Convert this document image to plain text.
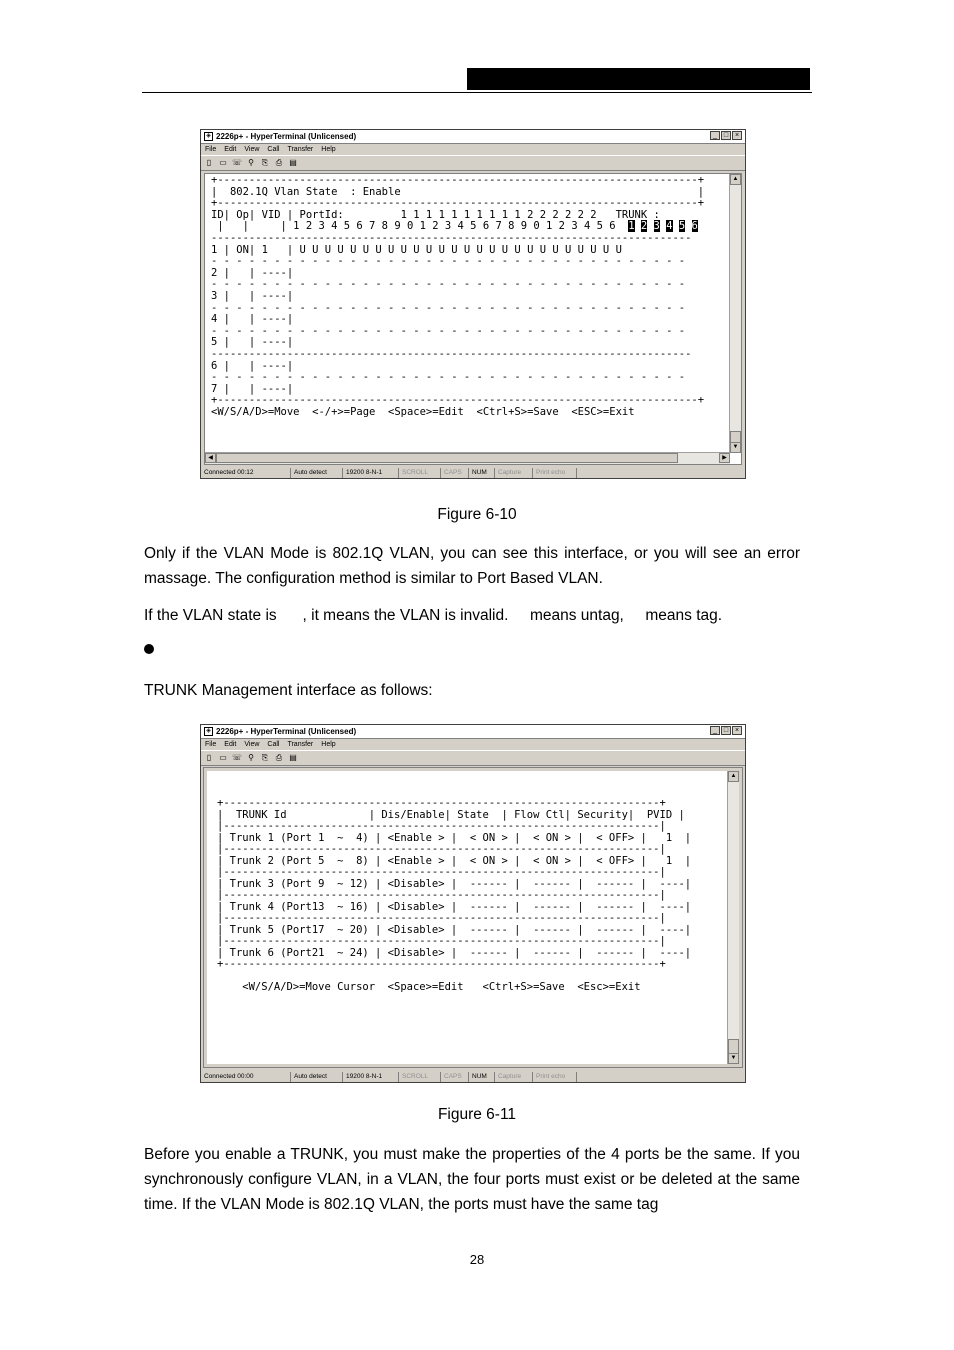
◈ 2226p+ - HyperTerminal (Unlicensed)	_ □ ×
File Edit View Call Transfer Help
▯	▭ ☏ ⚲ ⎘ ⎙ ▤
+----------------------------------------------------------------------------+
|  802.1Q Vlan State  : Enable                                               |
+----------------------------------------------------------------------------+
ID| Op| VID | PortId:         1 1 1 1 1 1 1 1 1 1 2 2 2 2 2 2   TRUNK :
|   |     | 1 2 3 4 5 6 7 8 9 0 1 2 3 4 5 6 7 8 9 0 1 2 3 4 5 6  1 2 3 4 5 6
----------------------------------------------------------------------------
1 | ON| 1   | U U U U U U U U U U U U U U U U U U U U U U U U U U
- - - - - - - - - - - - - - - - - - - - - - - - - - - - - - - - - - - - - -
2 |   | ----|
- - - - - - - - - - - - - - - - - - - - - - - - - - - - - - - - - - - - - -
3 |   | ----|
- - - - - - - - - - - - - - - - - - - - - - - - - - - - - - - - - - - - - -
4 |   | ----|
- - - - - - - - - - - - - - - - - - - - - - - - - - - - - - - - - - - - - -
5 |   | ----|
----------------------------------------------------------------------------
6 |   | ----|
- - - - - - - - - - - - - - - - - - - - - - - - - - - - - - - - - - - - - -
7 |   | ----|
+----------------------------------------------------------------------------+
<W/S/A/D>=Move  <-/+>=Page  <Space>=Edit  <Ctrl+S>=Save  <ESC>=Exit

▲
▼
◀	▶
Connected 00:12	Auto detect	19200 8-N-1	SCROLL	CAPS	NUM	Capture	Print echo
Figure 6-10

Only if the VLAN Mode is 802.1Q VLAN, you can see this interface, or you will see an error massage. The configuration method is similar to Port Based VLAN.

If the VLAN state is      , it means the VLAN is invalid.     means untag,     means tag.

TRUNK Management interface as follows:

◈ 2226p+ - HyperTerminal (Unlicensed)	_ □ ×
File Edit View Call Transfer Help
▯	▭ ☏ ⚲ ⎘ ⎙ ▤

+---------------------------------------------------------------------+
|  TRUNK Id             | Dis/Enable| State  | Flow Ctl| Security|  PVID |
|---------------------------------------------------------------------|
| Trunk 1 (Port 1  ~  4) | <Enable > |  < ON > |  < ON > |  < OFF> |   1  |
|---------------------------------------------------------------------|
| Trunk 2 (Port 5  ~  8) | <Enable > |  < ON > |  < ON > |  < OFF> |   1  |
|---------------------------------------------------------------------|
| Trunk 3 (Port 9  ~ 12) | <Disable> |  ------ |  ------ |  ------ |  ----|
|---------------------------------------------------------------------|
| Trunk 4 (Port13  ~ 16) | <Disable> |  ------ |  ------ |  ------ |  ----|
|---------------------------------------------------------------------|
| Trunk 5 (Port17  ~ 20) | <Disable> |  ------ |  ------ |  ------ |  ----|
|---------------------------------------------------------------------|
| Trunk 6 (Port21  ~ 24) | <Disable> |  ------ |  ------ |  ------ |  ----|
+---------------------------------------------------------------------+

<W/S/A/D>=Move Cursor  <Space>=Edit   <Ctrl+S>=Save  <Esc>=Exit

▲
▼
Connected 00:00	Auto detect	19200 8-N-1	SCROLL	CAPS	NUM	Capture	Print echo
Figure 6-11

Before you enable a TRUNK, you must make the properties of the 4 ports be the same. If you synchronously configure VLAN, in a VLAN, the four ports must exist or be deleted at the same time. If the VLAN Mode is 802.1Q VLAN, the ports must have the same tag

28
